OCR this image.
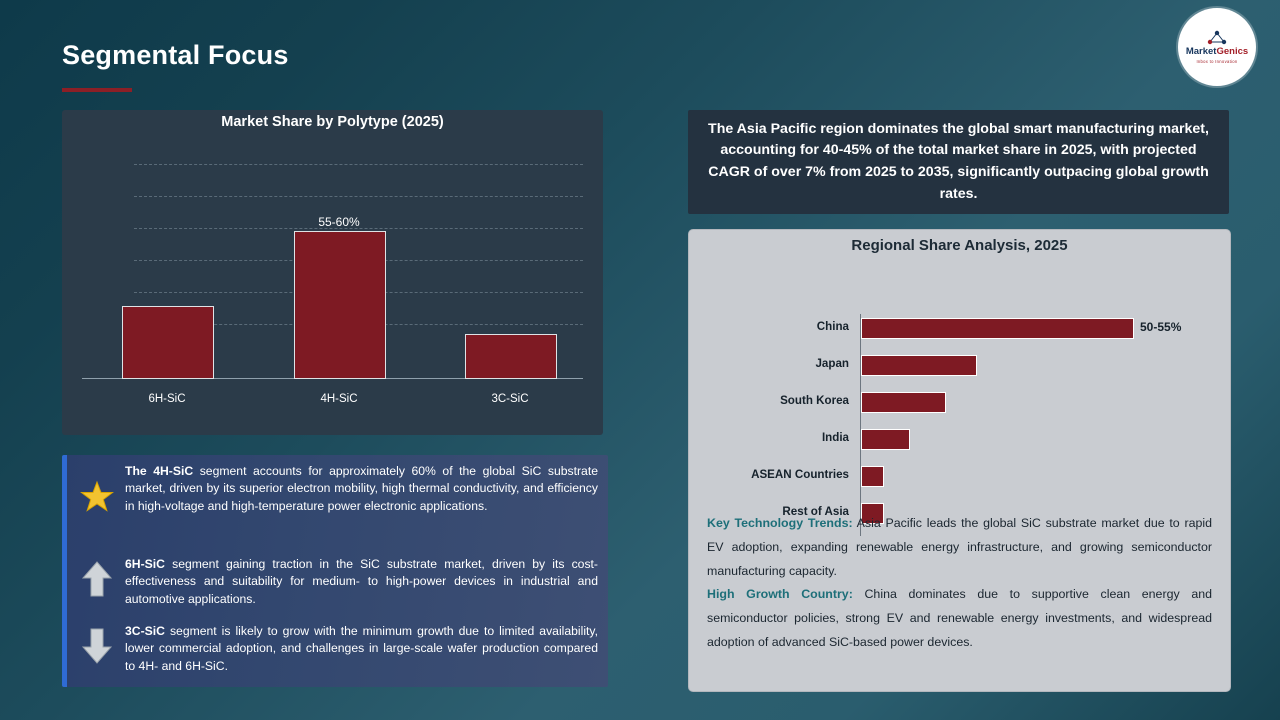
Segmental Focus	MarketGenics
Inbox to Innovation
Market Share by Polytype (2025)
55-60%
6H-SiC	4H-SiC	3C-SiC
The 4H-SiC segment accounts for approximately 60% of the global SiC substrate market, driven by its superior electron mobility, high thermal conductivity, and efficiency in high-voltage and high-temperature power electronic applications.
6H-SiC segment gaining traction in the SiC substrate market, driven by its cost-effectiveness and suitability for medium- to high-power devices in industrial and automotive applications.
3C-SiC segment is likely to grow with the minimum growth due to limited availability, lower commercial adoption, and challenges in large-scale wafer production compared to 4H- and 6H-SiC.

The Asia Pacific region dominates the global smart manufacturing market, accounting for 40-45% of the total market share in 2025, with projected CAGR of over 7% from 2025 to 2035, significantly outpacing global growth rates.

Regional Share Analysis, 2025
China	50-55%
Japan
South Korea
India
ASEAN Countries
Rest of Asia
Key Technology Trends: Asia Pacific leads the global SiC substrate market due to rapid EV adoption, expanding renewable energy infrastructure, and growing semiconductor manufacturing capacity.
High Growth Country: China dominates due to supportive clean energy and semiconductor policies, strong EV and renewable energy investments, and widespread adoption of advanced SiC-based power devices.
